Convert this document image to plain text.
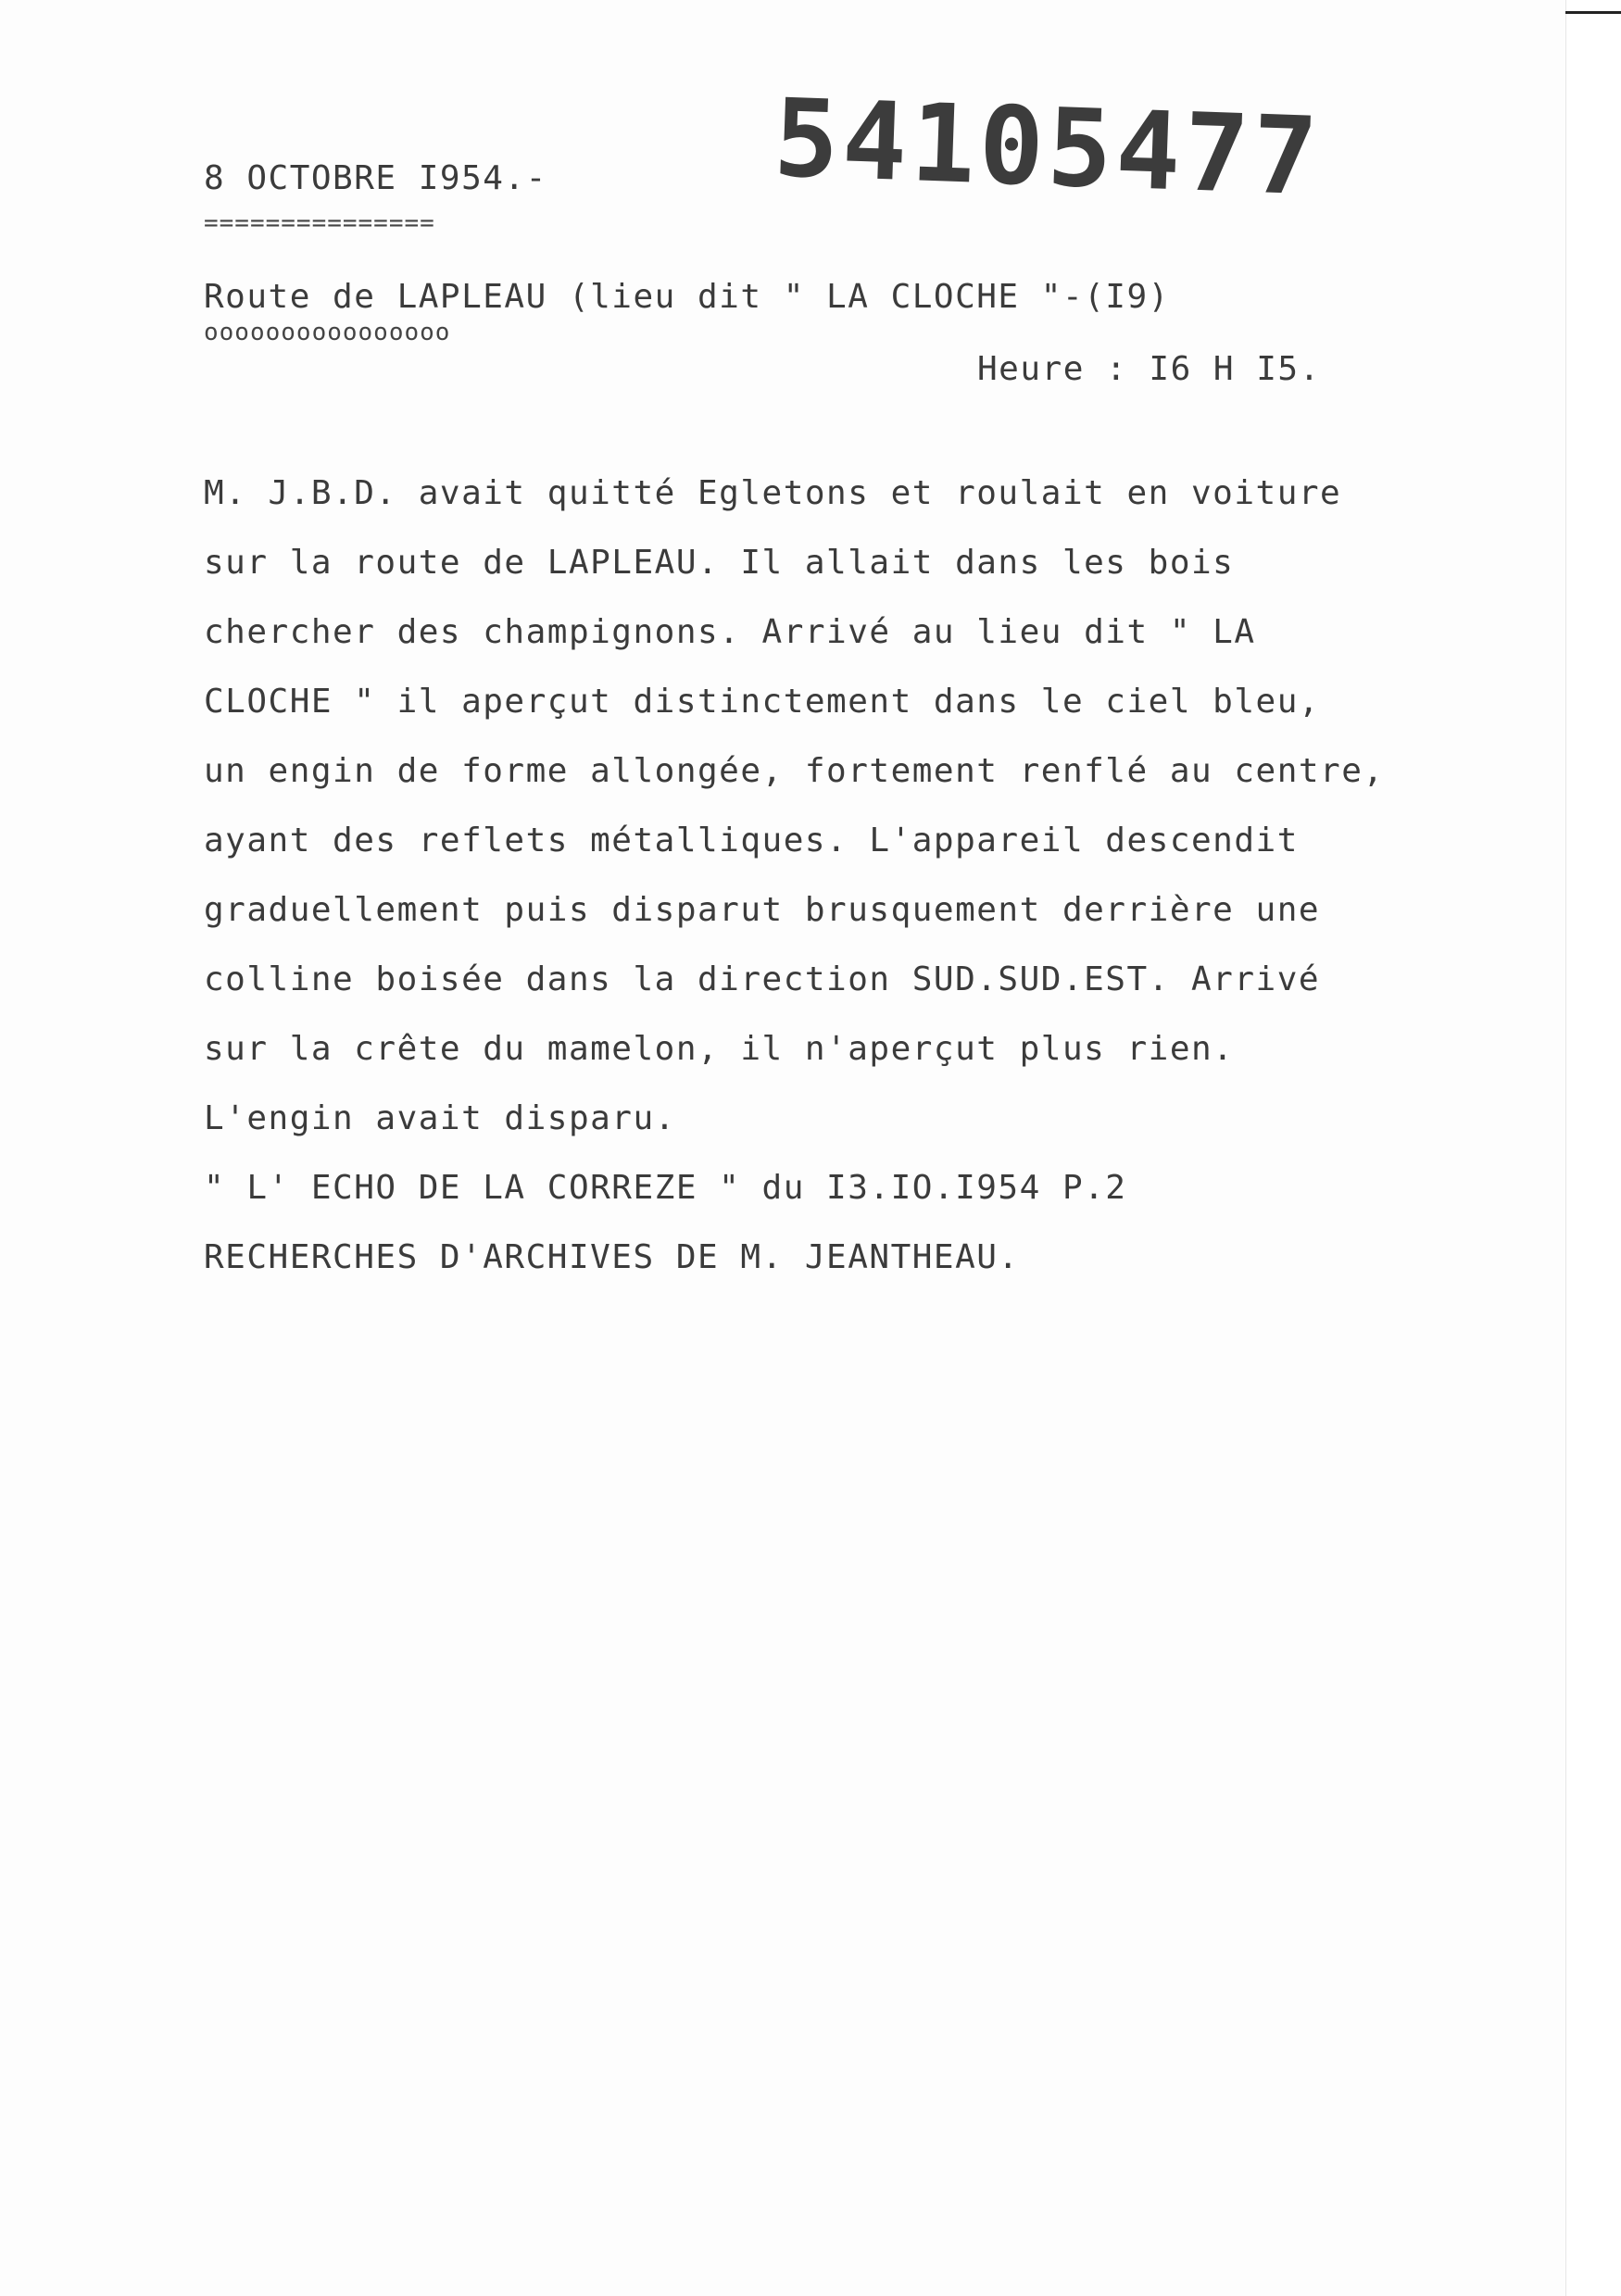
8 OCTOBRE I954.-
===============
54105477
Route de LAPLEAU (lieu dit " LA CLOCHE "-(I9)
oooooooooooooooo
Heure : I6 H I5.
M. J.B.D. avait quitté Egletons et roulait en voiture
sur la route de LAPLEAU. Il allait dans les bois
chercher des champignons. Arrivé au lieu dit " LA
CLOCHE " il aperçut distinctement dans le ciel bleu,
un engin de forme allongée, fortement renflé au centre,
ayant des reflets métalliques. L'appareil descendit
graduellement puis disparut brusquement derrière une
colline boisée dans la direction SUD.SUD.EST. Arrivé
sur la crête du mamelon, il n'aperçut plus rien.
L'engin avait disparu.
" L' ECHO DE LA CORREZE " du I3.IO.I954 P.2
RECHERCHES D'ARCHIVES DE M. JEANTHEAU.
